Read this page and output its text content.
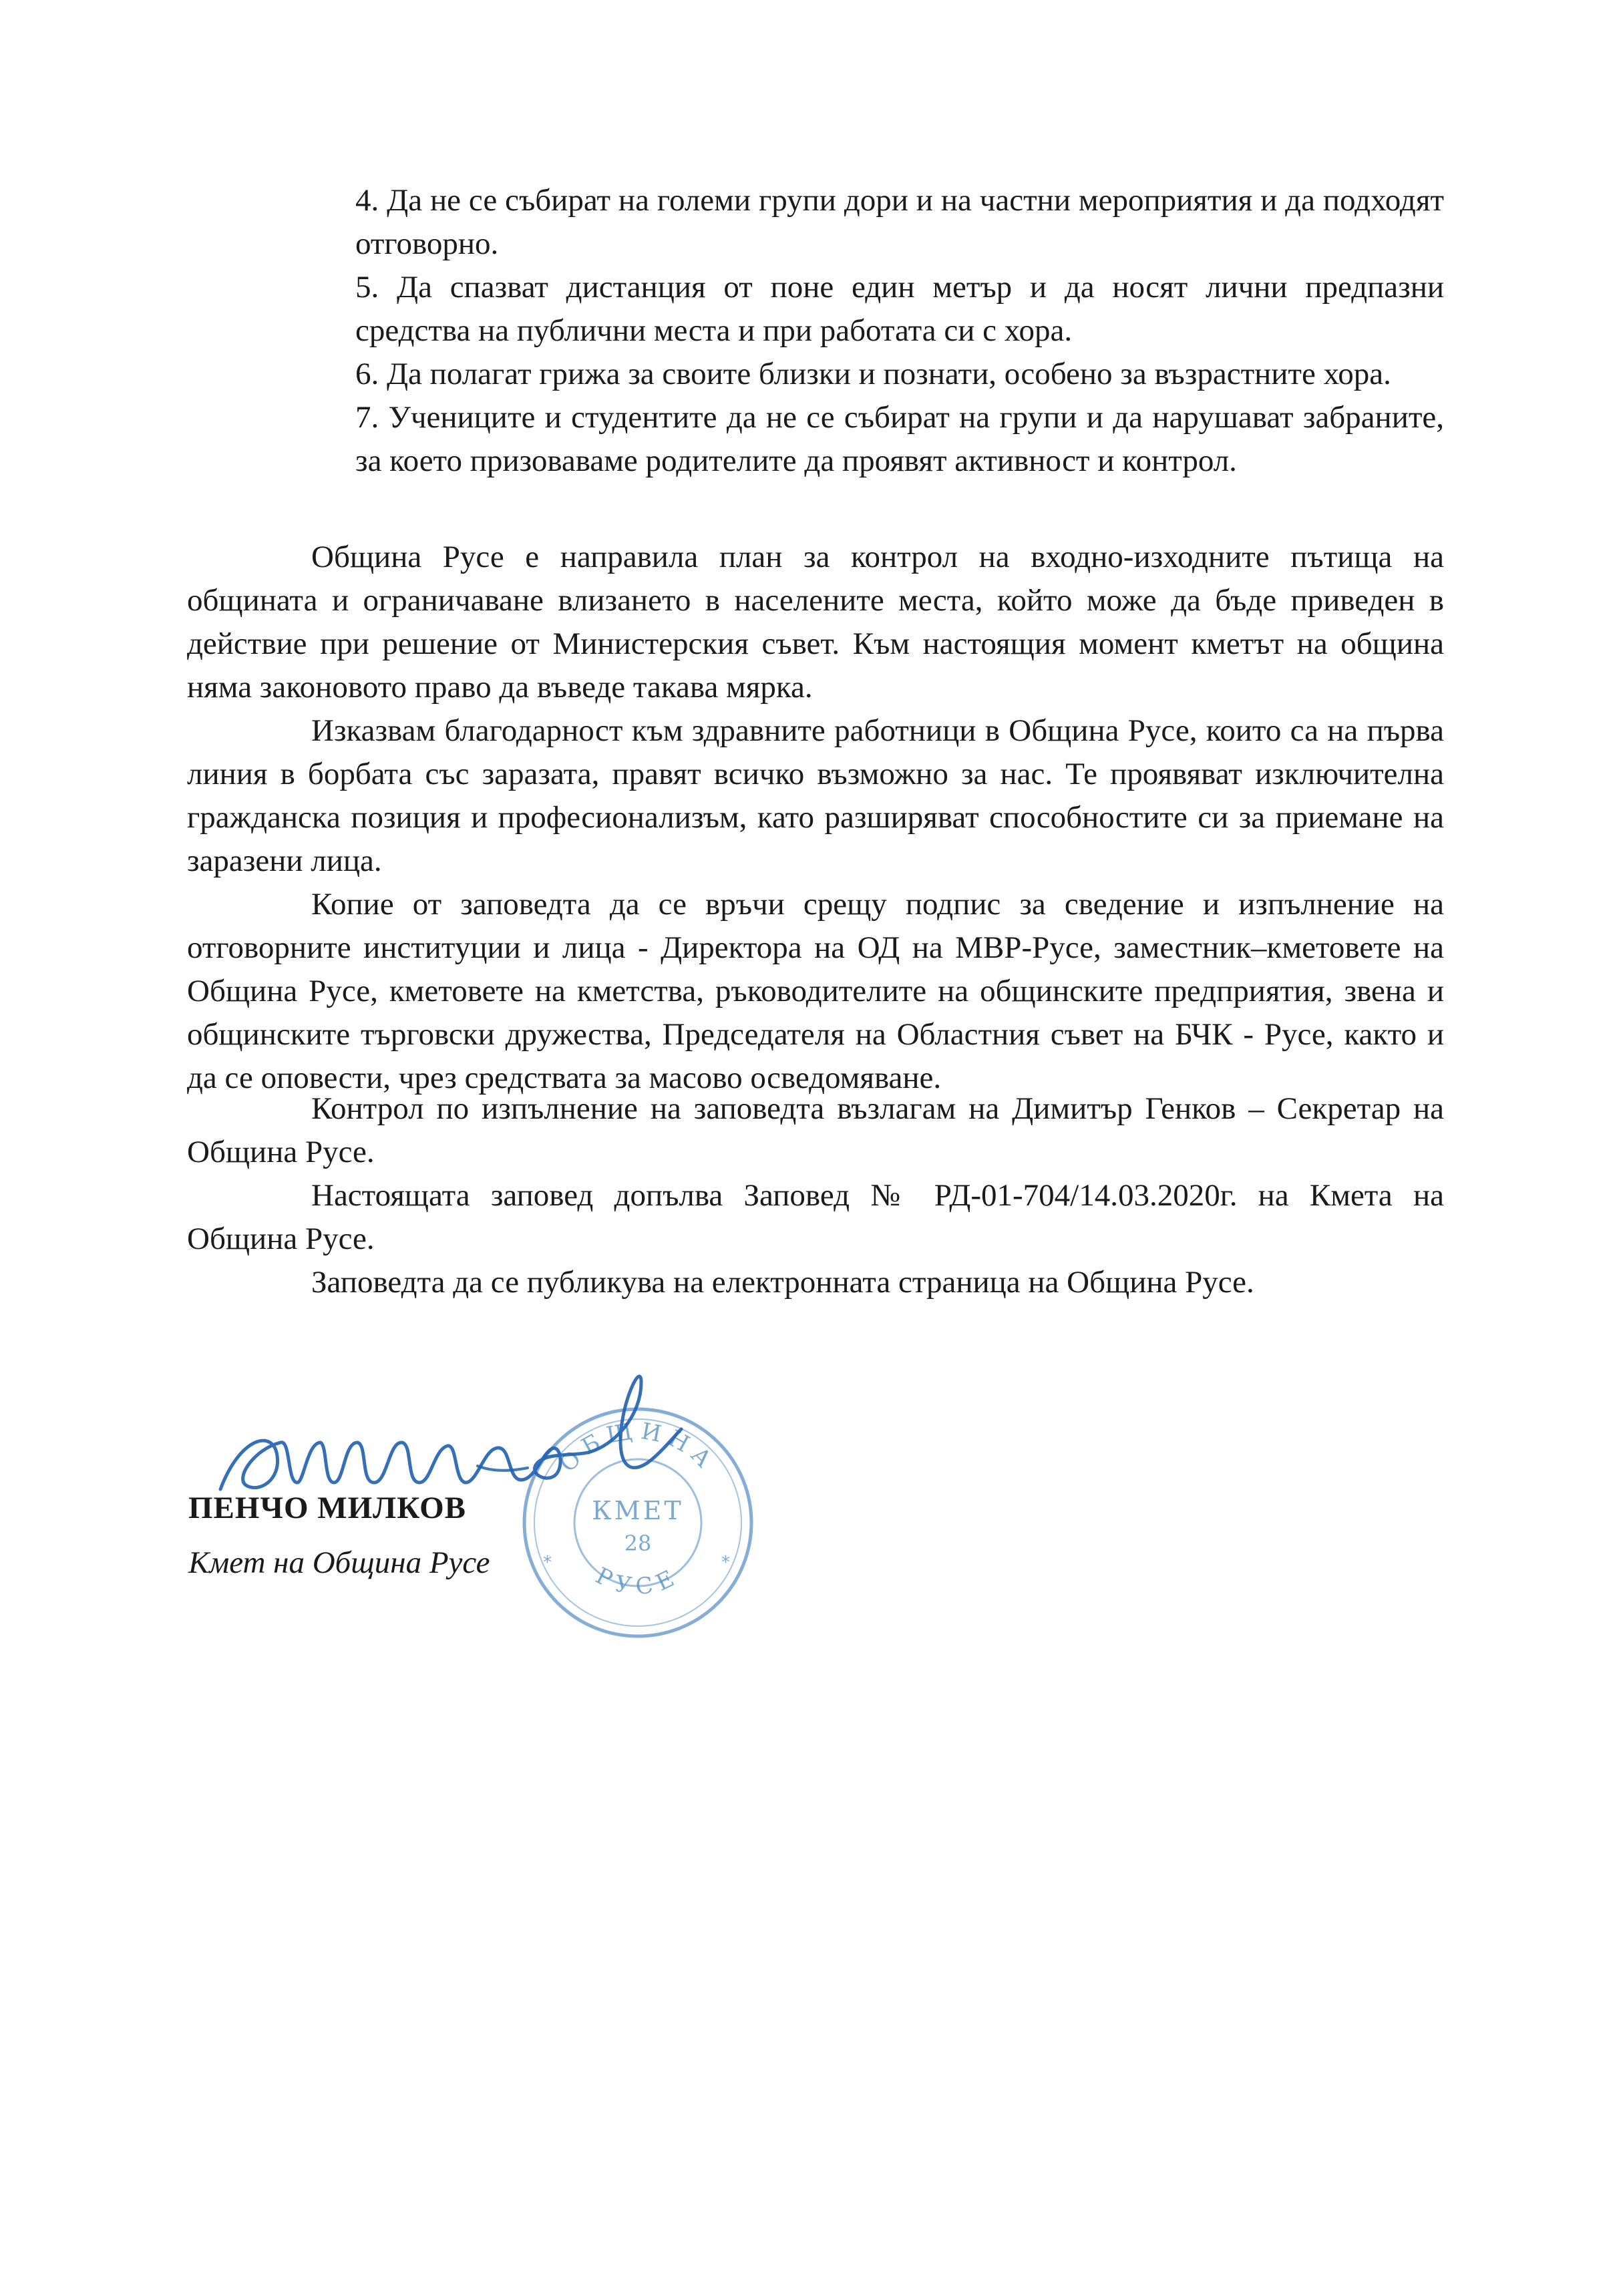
4. Да не се събират на големи групи дори и на частни мероприятия и да подходят отговорно.

5. Да спазват дистанция от поне един метър и да носят лични предпазни средства на публични места и при работата си с хора.

6. Да полагат грижа за своите близки и познати, особено за възрастните хора.

7. Учениците и студентите да не се събират на групи и да нарушават забраните, за което призоваваме родителите да проявят активност и контрол.

Община Русе е направила план за контрол на входно-изходните пътища на общината и ограничаване влизането в населените места, който може да бъде приведен в действие при решение от Министерския съвет. Към настоящия момент кметът на община няма законовото право да въведе такава мярка.

Изказвам благодарност към здравните работници в Община Русе, които са на първа линия в борбата със заразата, правят всичко възможно за нас. Те проявяват изключителна гражданска позиция и професионализъм, като разширяват способностите си за приемане на заразени лица.

Копие от заповедта да се връчи срещу подпис за сведение и изпълнение на отговорните институции и лица - Директора на ОД на МВР-Русе, заместник–кметовете на Община Русе, кметовете на кметства, ръководителите на общинските предприятия, звена и общинските търговски дружества, Председателя на Областния съвет на БЧК - Русе, както и да се оповести, чрез средствата за масово осведомяване.

Контрол по изпълнение на заповедта възлагам на Димитър Генков – Секретар на Община Русе.

Настоящата заповед допълва Заповед № РД-01-704/14.03.2020г. на Кмета на Община Русе.

Заповедта да се публикува на електронната страница на Община Русе.

ОБЩИНА
РУСЕ
КМЕТ
28
*	*
ПЕНЧО МИЛКОВ
Кмет на Община Русе
